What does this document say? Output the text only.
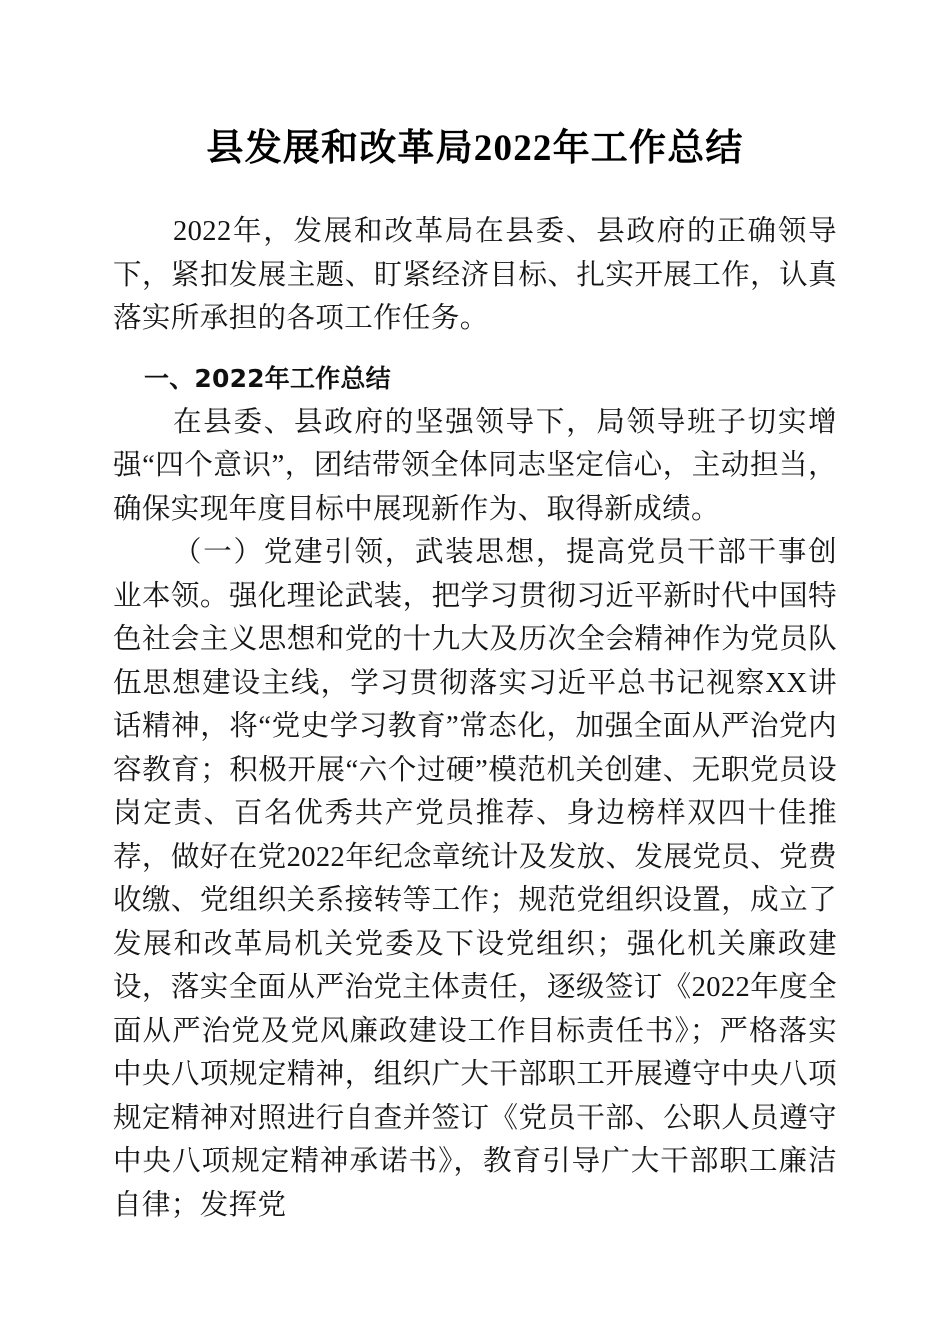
县发展和改革局2022年工作总结

2022年，发展和改革局在县委、县政府的正确领导下，紧扣发展主题、盯紧经济目标、扎实开展工作，认真落实所承担的各项工作任务。

一、2022年工作总结

在县委、县政府的坚强领导下，局领导班子切实增强“四个意识”，团结带领全体同志坚定信心，主动担当，确保实现年度目标中展现新作为、取得新成绩。

（一）党建引领，武装思想，提高党员干部干事创业本领。强化理论武装，把学习贯彻习近平新时代中国特色社会主义思想和党的十九大及历次全会精神作为党员队伍思想建设主线，学习贯彻落实习近平总书记视察XX讲话精神，将“党史学习教育”常态化，加强全面从严治党内容教育；积极开展“六个过硬”模范机关创建、无职党员设岗定责、百名优秀共产党员推荐、身边榜样双四十佳推荐，做好在党2022年纪念章统计及发放、发展党员、党费收缴、党组织关系接转等工作；规范党组织设置，成立了发展和改革局机关党委及下设党组织；强化机关廉政建设，落实全面从严治党主体责任，逐级签订《2022年度全面从严治党及党风廉政建设工作目标责任书》；严格落实中央八项规定精神，组织广大干部职工开展遵守中央八项规定精神对照进行自查并签订《党员干部、公职人员遵守中央八项规定精神承诺书》，教育引导广大干部职工廉洁自律；发挥党
